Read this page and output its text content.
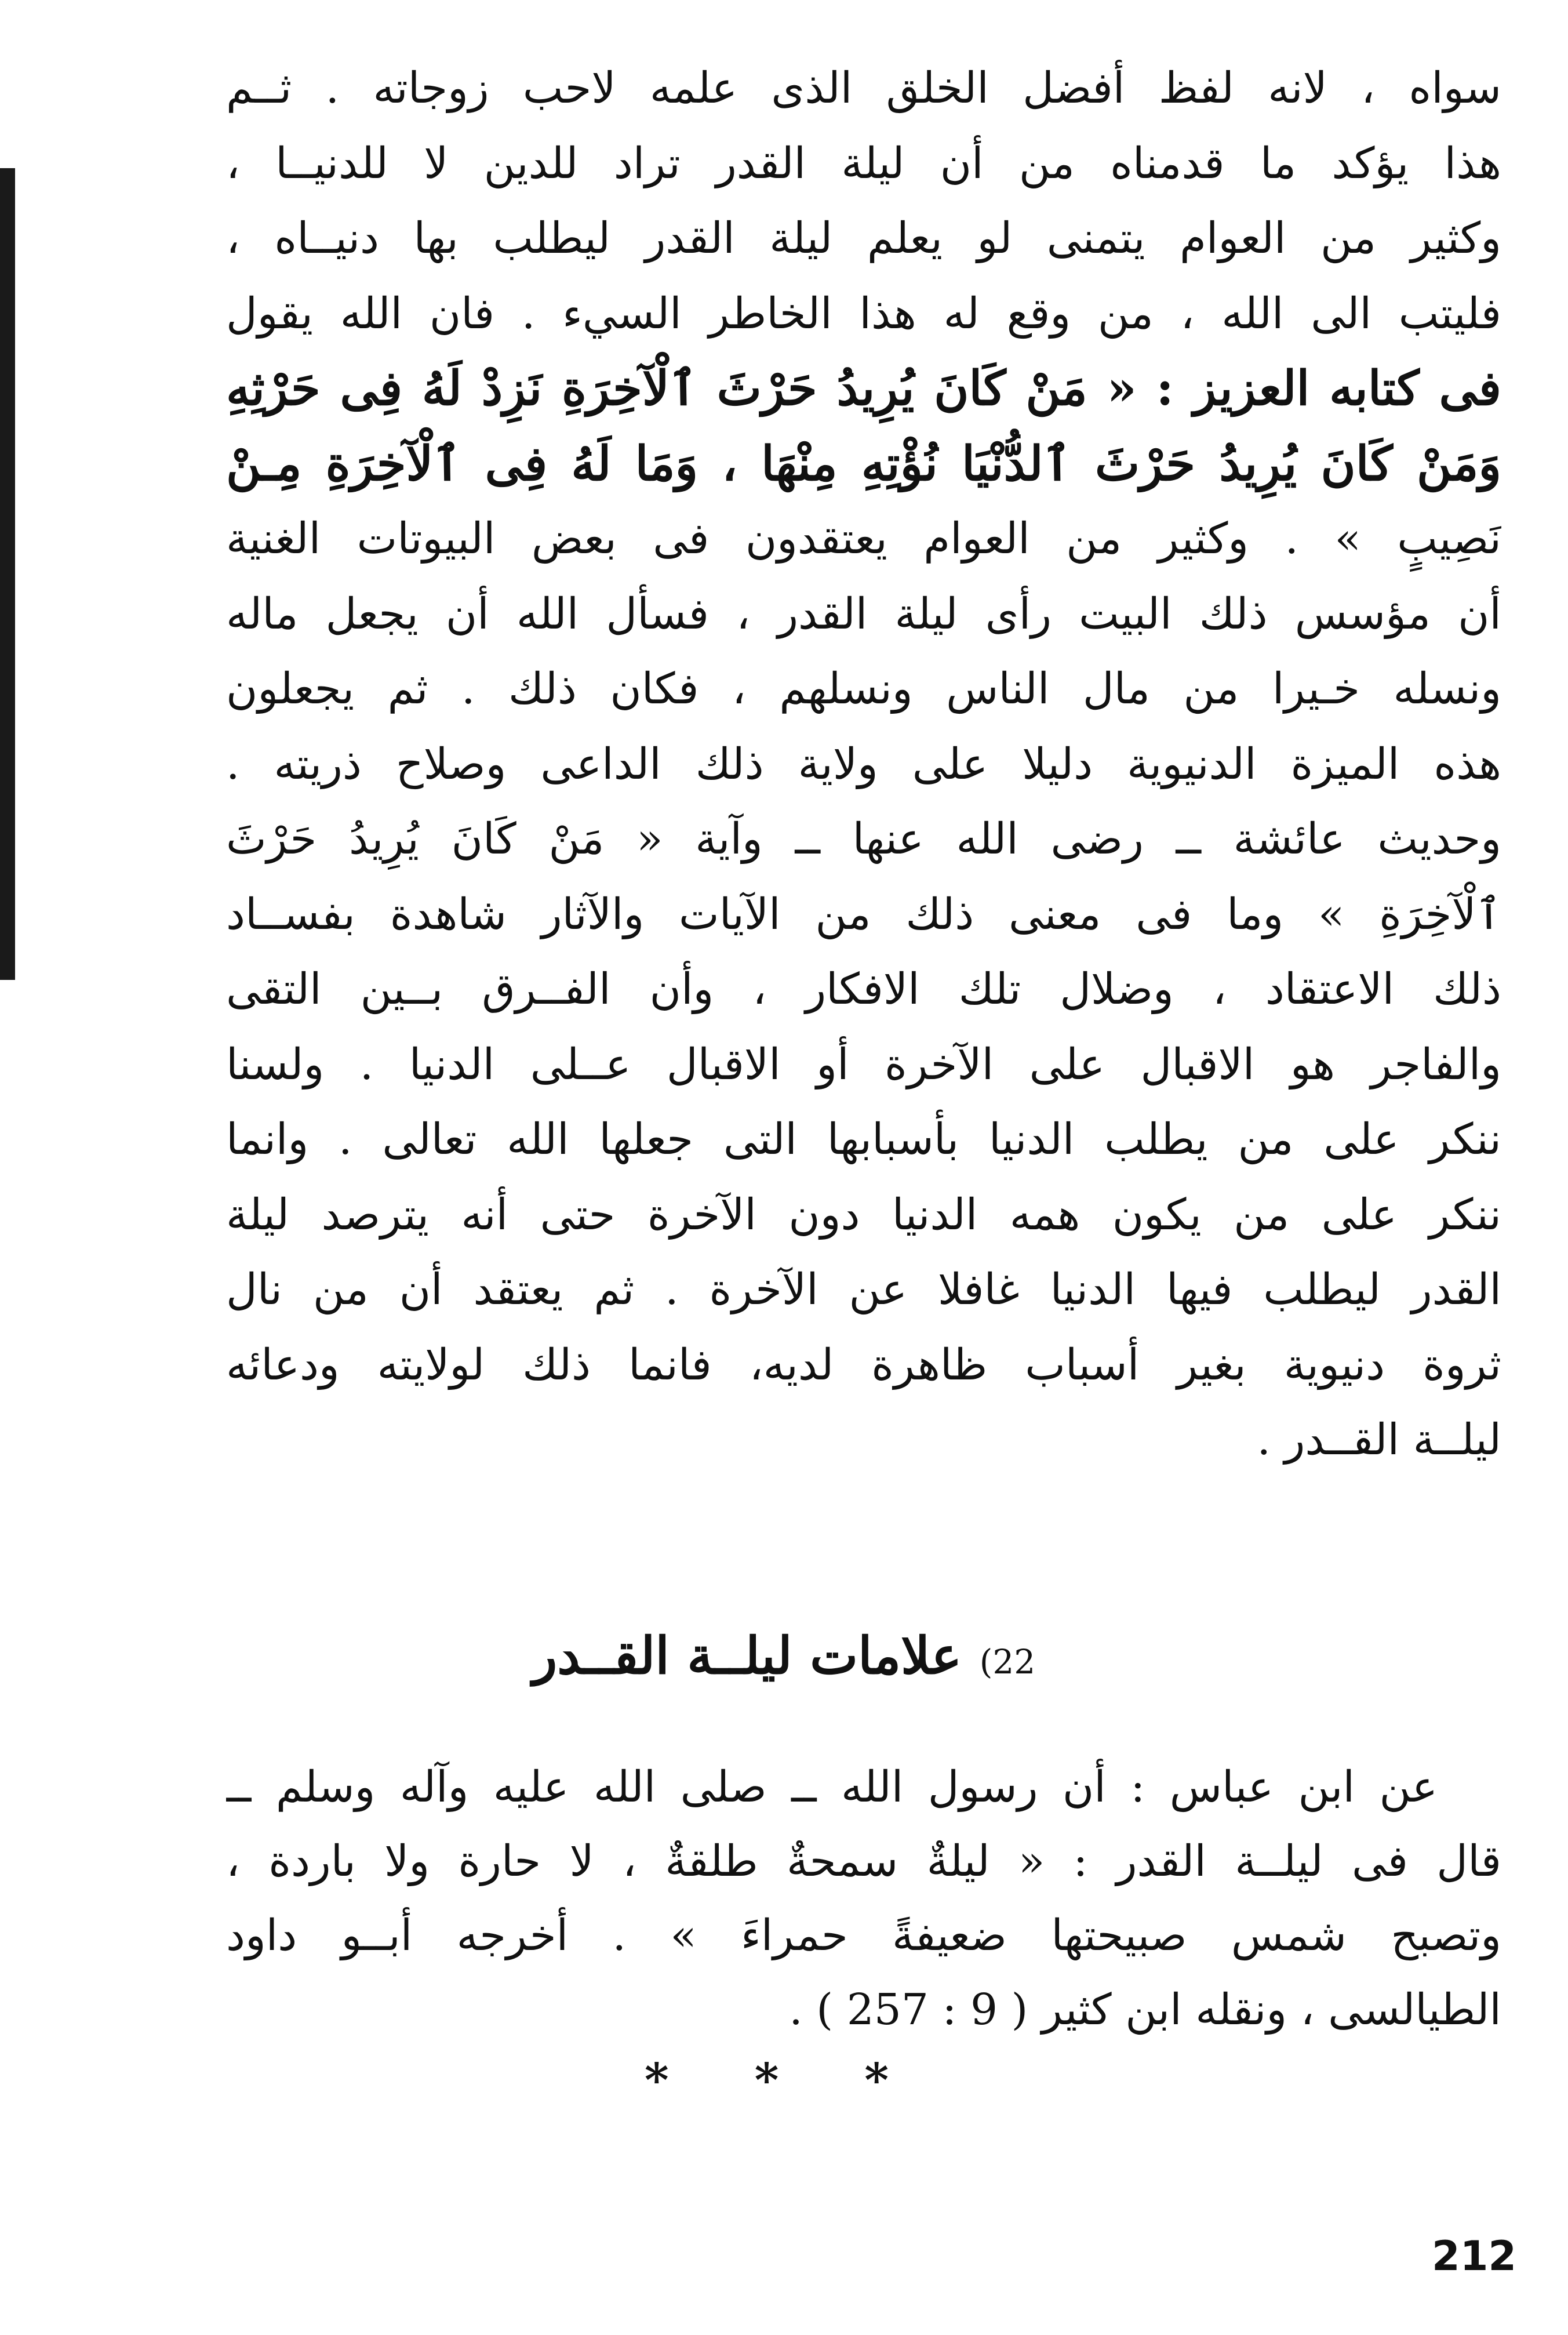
سواه ، لانه لفظ أفضل الخلق الذى علمه لاحب زوجاته . ثــم
هذا يؤكد ما قدمناه من أن ليلة القدر تراد للدين لا للدنيــا ،
وكثير من العوام يتمنى لو يعلم ليلة القدر ليطلب بها دنيــاه ،
فليتب الى الله ، من وقع له هذا الخاطر السيء . فان الله يقول
فى كتابه العزيز : « مَنْ كَانَ يُرِيدُ حَرْثَ ٱلْآخِرَةِ نَزِدْ لَهُ فِى حَرْثِهِ
وَمَنْ كَانَ يُرِيدُ حَرْثَ ٱلدُّنْيَا نُؤْتِهِ مِنْهَا ، وَمَا لَهُ فِى ٱلْآخِرَةِ مِـنْ
نَصِيبٍ » . وكثير من العوام يعتقدون فى بعض البيوتات الغنية
أن مؤسس ذلك البيت رأى ليلة القدر ، فسأل الله أن يجعل ماله
ونسله خـيرا من مال الناس ونسلهم ، فكان ذلك . ثم يجعلون
هذه الميزة الدنيوية دليلا على ولاية ذلك الداعى وصلاح ذريته .
وحديث عائشة ــ رضى الله عنها ــ وآية « مَنْ كَانَ يُرِيدُ حَرْثَ
ٱلْآخِرَةِ » وما فى معنى ذلك من الآيات والآثار شاهدة بفســاد
ذلك الاعتقاد ، وضلال تلك الافكار ، وأن الفــرق بــين التقى
والفاجر هو الاقبال على الآخرة أو الاقبال عــلى الدنيا . ولسنا
ننكر على من يطلب الدنيا بأسبابها التى جعلها الله تعالى . وانما
ننكر على من يكون همه الدنيا دون الآخرة حتى أنه يترصد ليلة
القدر ليطلب فيها الدنيا غافلا عن الآخرة . ثم يعتقد أن من نال
ثروة دنيوية بغير أسباب ظاهرة لديه، فانما ذلك لولايته ودعائه
ليلــة القــدر .
22) علامات ليلــة القــدر
عن ابن عباس : أن رسول الله ــ صلى الله عليه وآله وسلم ــ
قال فى ليلــة القدر : « ليلةٌ سمحةٌ طلقةٌ ، لا حارة ولا باردة ،
وتصبح شمس صبيحتها ضعيفةً حمراءَ » . أخرجه أبــو داود
الطيالسى ، ونقله ابن كثير ( 9 : 257 ) .
* * *
212
